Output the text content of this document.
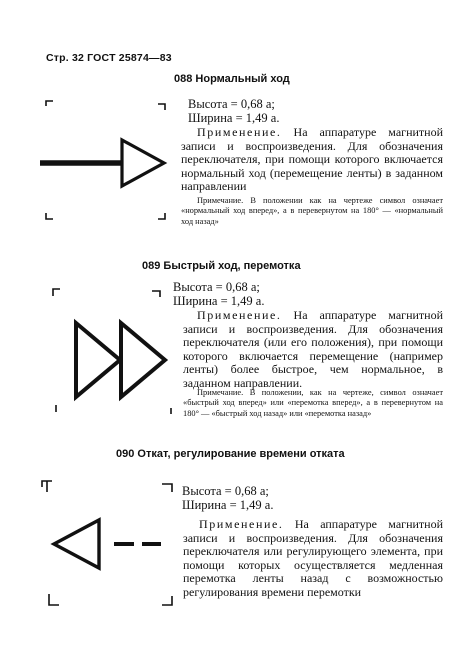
Стр. 32 ГОСТ 25874—83
088 Нормальный ход
Высота = 0,68 a;
Ширина = 1,49 a.
Применение. На аппаратуре магнитной записи и воспроизведения. Для обозначения переключателя, при помощи которого включается нормальный ход (перемещение ленты) в заданном направлении
Примечание. В положении как на чертеже символ означает «нормальный ход вперед», а в перевернутом на 180° — «нормальный ход назад»
089 Быстрый ход, перемотка
Высота = 0,68 a;
Ширина = 1,49 a.
Применение. На аппаратуре магнитной записи и воспроизведения. Для обозначения переключателя (или его положения), при помощи которого включается перемещение (например ленты) более быстрое, чем нормальное, в заданном направлении.
Примечание. В положении, как на чертеже, символ означает «быстрый ход вперед» или «перемотка вперед», а в перевернутом на 180° — «быстрый ход назад» или «перемотка назад»
090 Откат, регулирование времени отката
Высота = 0,68 a;
Ширина = 1,49 a.
Применение. На аппаратуре магнитной записи и воспроизведения. Для обозначения переключателя или регулирующего элемента, при помощи которых осуществляется медленная перемотка ленты назад с возможностью регулирования времени перемотки
